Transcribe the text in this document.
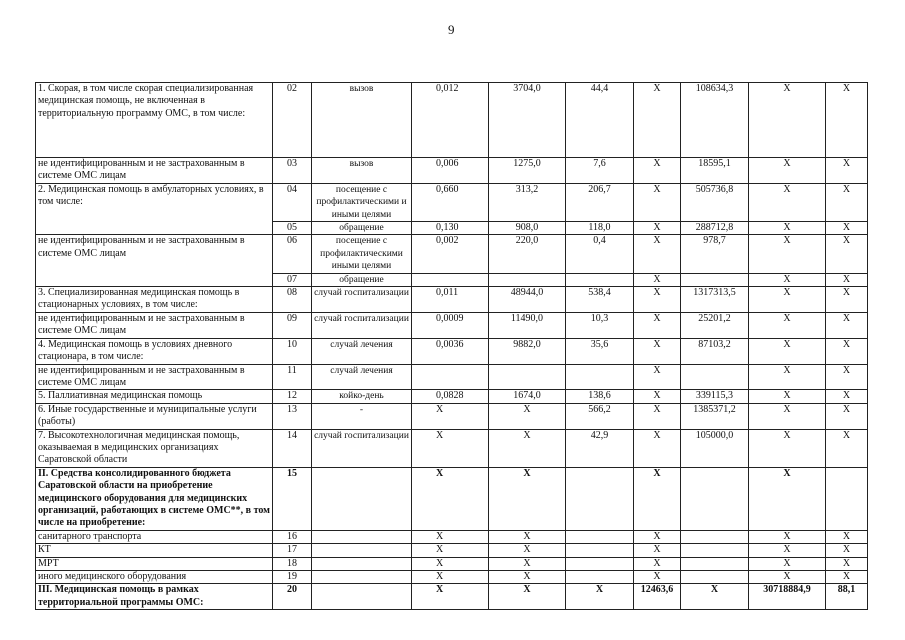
9
1. Скорая, в том числе скорая специализированная медицинская помощь, не включенная в территориальную программу ОМС, в том числе:	02	вызов	0,012	3704,0	44,4	X	108634,3	X	X
не идентифицированным и не застрахованным в системе ОМС лицам	03	вызов	0,006	1275,0	7,6	X	18595,1	X	X
2. Медицинская помощь в амбулаторных условиях, в том числе:	04	посещение с профилактическими и иными целями	0,660	313,2	206,7	X	505736,8	X	X
	05	обращение	0,130	908,0	118,0	X	288712,8	X	X
не идентифицированным и не застрахованным в системе ОМС лицам	06	посещение с профилактическими иными целями	0,002	220,0	0,4	X	978,7	X	X
	07	обращение				X		X	X
3. Специализированная медицинская помощь в стационарных условиях, в том числе:	08	случай госпитализации	0,011	48944,0	538,4	X	1317313,5	X	X
не идентифицированным и не застрахованным в системе ОМС лицам	09	случай госпитализации	0,0009	11490,0	10,3	X	25201,2	X	X
4. Медицинская помощь в условиях дневного стационара, в том числе:	10	случай лечения	0,0036	9882,0	35,6	X	87103,2	X	X
не идентифицированным и не застрахованным в системе ОМС лицам	11	случай лечения				X		X	X
5. Паллиативная медицинская помощь	12	койко-день	0,0828	1674,0	138,6	X	339115,3	X	X
6. Иные государственные и муниципальные услуги (работы)	13	-	X	X	566,2	X	1385371,2	X	X
7. Высокотехнологичная медицинская помощь, оказываемая в медицинских организациях Саратовской области	14	случай госпитализации	X	X	42,9	X	105000,0	X	X
II. Средства консолидированного бюджета Саратовской области на приобретение медицинского оборудования для медицинских организаций, работающих в системе ОМС**, в том числе на приобретение:	15		X	X		X		X	
санитарного транспорта	16		X	X		X		X	X
КТ	17		X	X		X		X	X
МРТ	18		X	X		X		X	X
иного медицинского оборудования	19		X	X		X		X	X
III. Медицинская помощь в рамках территориальной программы ОМС:	20		X	X	X	12463,6	X	30718884,9	88,1
